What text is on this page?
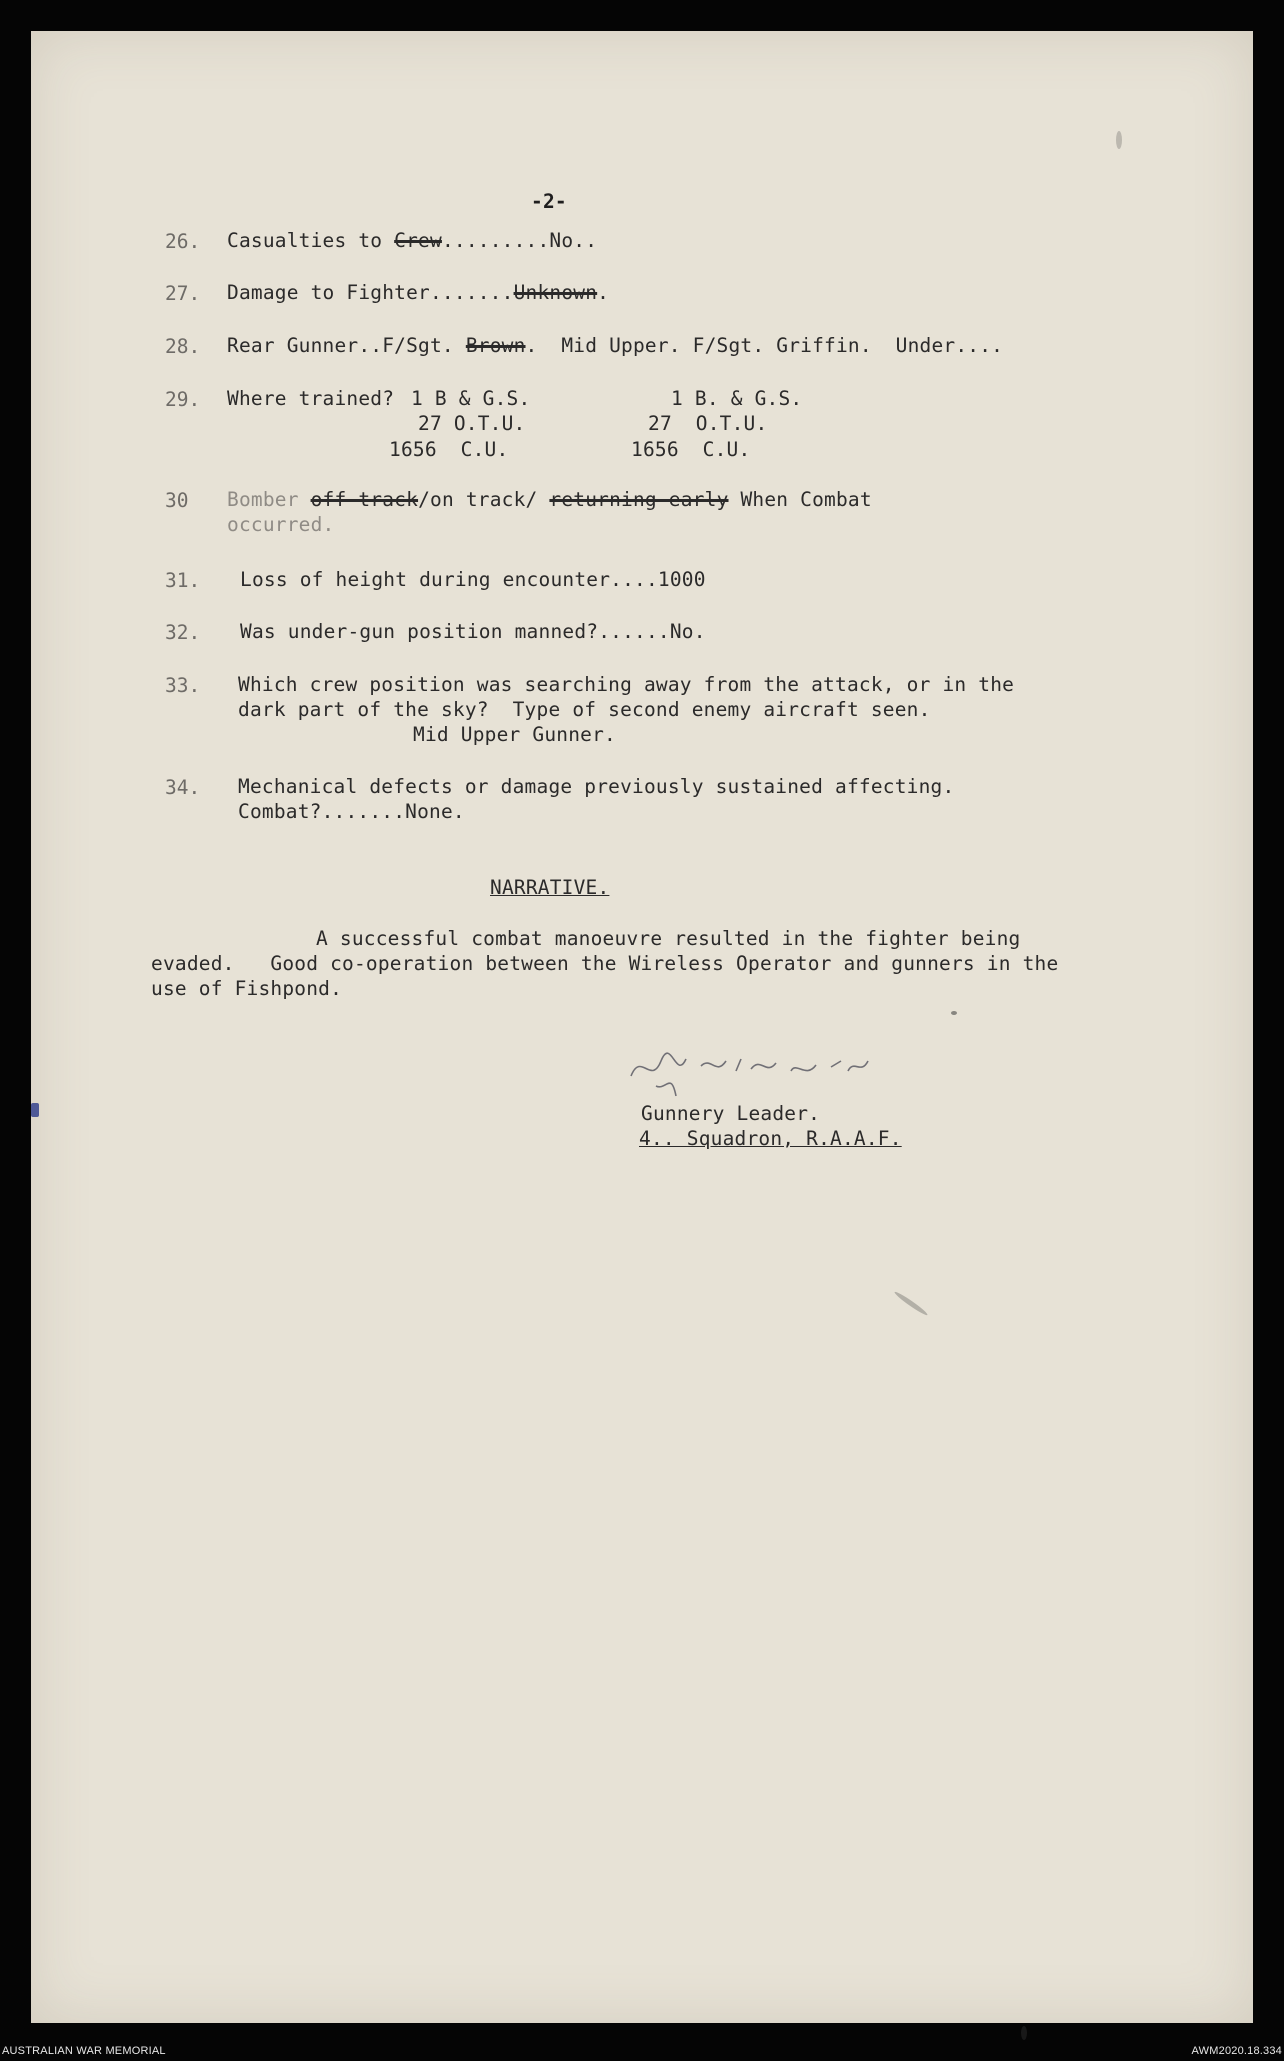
-2-
26. Casualties to Crew.........No..
27. Damage to Fighter.......Unknown.
28. Rear Gunner..F/Sgt. Brown.  Mid Upper. F/Sgt. Griffin.  Under....
29. Where trained? 1 B & G.S.
27 O.T.U.
1656  C.U.
1 B. & G.S.
27  O.T.U.
1656  C.U.
30 Bomber off-track/on track/ returning early When Combat
occurred.
31. Loss of height during encounter....1000
32. Was under-gun position manned?......No.
33. Which crew position was searching away from the attack, or in the
dark part of the sky?  Type of second enemy aircraft seen.
Mid Upper Gunner.
34. Mechanical defects or damage previously sustained affecting.
Combat?.......None.
NARRATIVE.
A successful combat manoeuvre resulted in the fighter being
evaded.   Good co-operation between the Wireless Operator and gunners in the
use of Fishpond.
Gunnery Leader.
4.. Squadron, R.A.A.F.
AUSTRALIAN WAR MEMORIAL	AWM2020.18.334
